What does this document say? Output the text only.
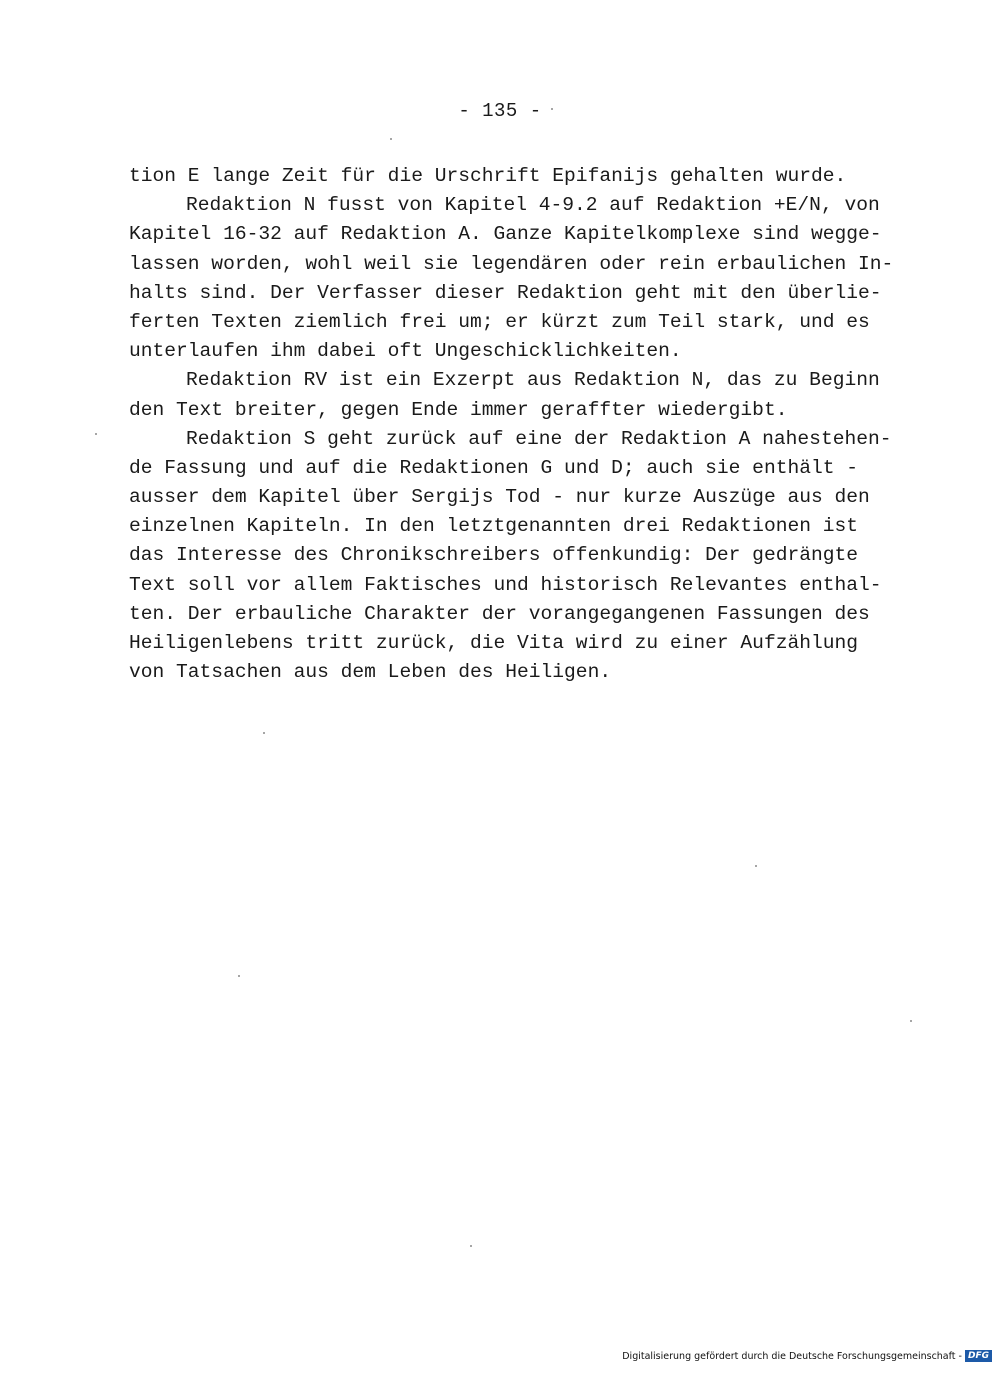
- 135 -
tion E lange Zeit für die Urschrift Epifanijs gehalten wurde.
Redaktion N fusst von Kapitel 4-9.2 auf Redaktion +E/N, von
Kapitel 16-32 auf Redaktion A. Ganze Kapitelkomplexe sind wegge-
lassen worden, wohl weil sie legendären oder rein erbaulichen In-
halts sind. Der Verfasser dieser Redaktion geht mit den überlie-
ferten Texten ziemlich frei um; er kürzt zum Teil stark, und es
unterlaufen ihm dabei oft Ungeschicklichkeiten.
Redaktion RV ist ein Exzerpt aus Redaktion N, das zu Beginn
den Text breiter, gegen Ende immer geraffter wiedergibt.
Redaktion S geht zurück auf eine der Redaktion A nahestehen-
de Fassung und auf die Redaktionen G und D; auch sie enthält -
ausser dem Kapitel über Sergijs Tod - nur kurze Auszüge aus den
einzelnen Kapiteln. In den letztgenannten drei Redaktionen ist
das Interesse des Chronikschreibers offenkundig: Der gedrängte
Text soll vor allem Faktisches und historisch Relevantes enthal-
ten. Der erbauliche Charakter der vorangegangenen Fassungen des
Heiligenlebens tritt zurück, die Vita wird zu einer Aufzählung
von Tatsachen aus dem Leben des Heiligen.
Digitalisierung gefördert durch die Deutsche Forschungsgemeinschaft - DFG
